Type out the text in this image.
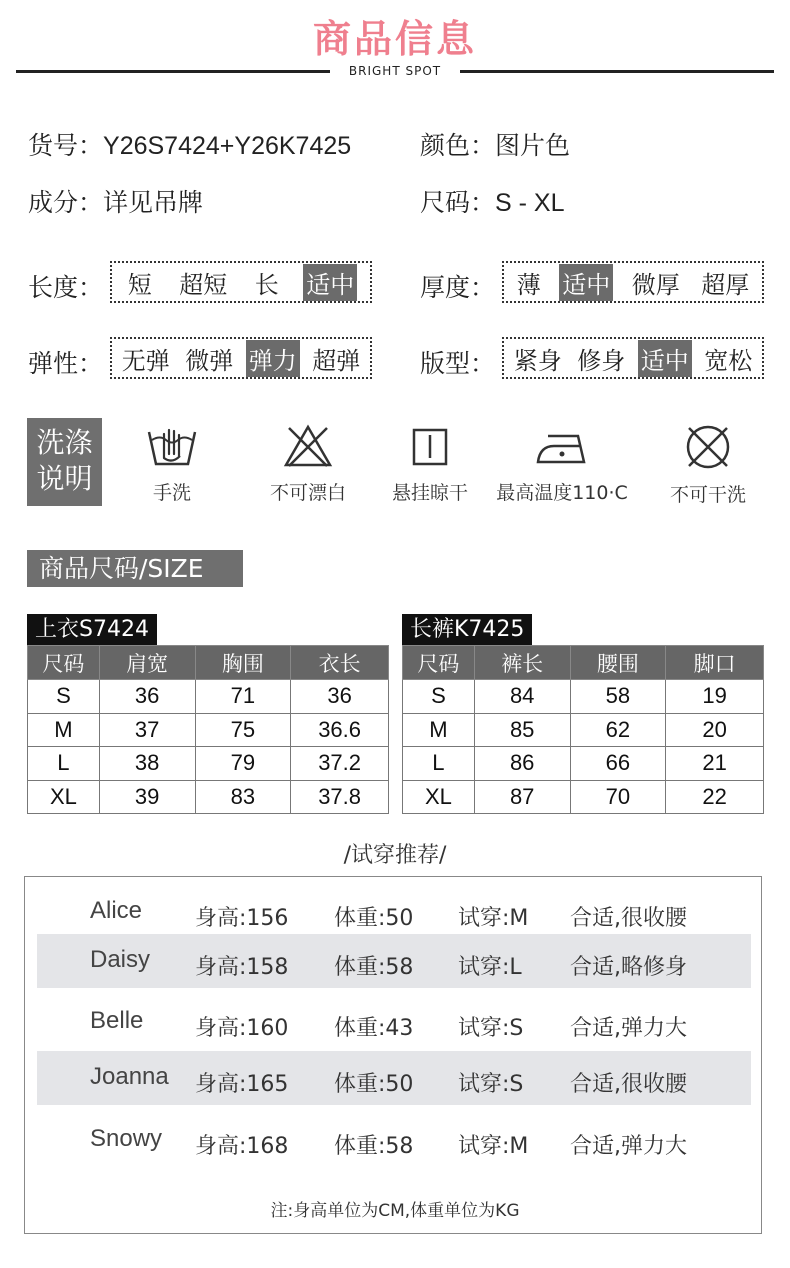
商品信息
BRIGHT SPOT
货号：Y26S7424+Y26K7425	颜色：图片色
成分：详见吊牌	尺码：S - XL
长度： 短 超短 长 适中	厚度： 薄 适中 微厚 超厚
弹性： 无弹 微弹 弹力 超弹 版型： 紧身 修身 适中 宽松
洗涤
说明	手洗	不可漂白	悬挂晾干	最高温度110·C	不可干洗
商品尺码/SIZE
上衣S7424
尺码	肩宽	胸围	衣长
S	36	71	36
M	37	75	36.6
L	38	79	37.2
XL	39	83	37.8
长裤K7425
尺码	裤长	腰围	脚口
S	84	58	19
M	85	62	20
L	86	66	21
XL	87	70	22
/试穿推荐/
Alice 身高:156 体重:50 试穿:M 合适,很收腰
Daisy 身高:158 体重:58 试穿:L 合适,略修身
Belle 身高:160 体重:43 试穿:S 合适,弹力大
Joanna 身高:165 体重:50 试穿:S 合适,很收腰
Snowy 身高:168 体重:58 试穿:M 合适,弹力大
注:身高单位为CM,体重单位为KG
